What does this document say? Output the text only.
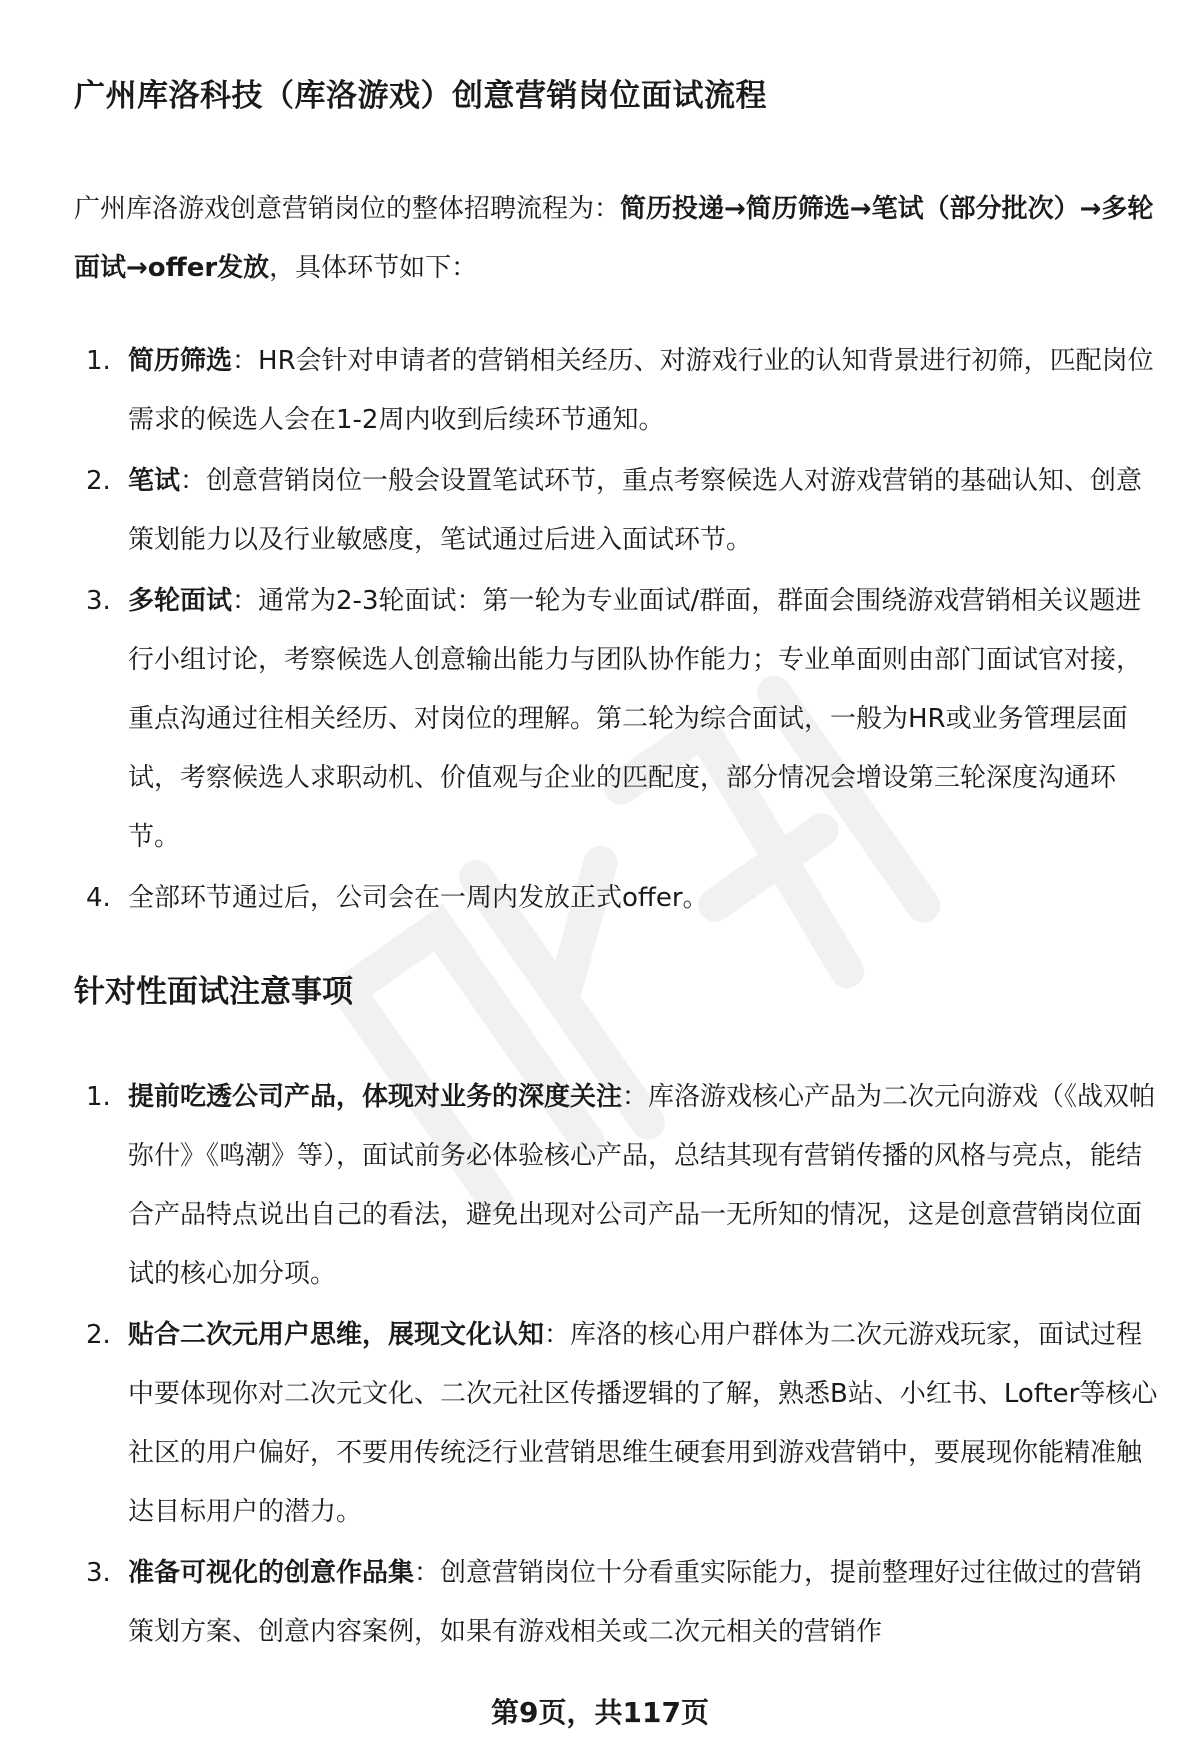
广州库洛科技（库洛游戏）创意营销岗位面试流程

广州库洛游戏创意营销岗位的整体招聘流程为：简历投递→简历筛选→笔试（部分批次）→多轮面试→offer发放，具体环节如下：

1. 简历筛选：HR会针对申请者的营销相关经历、对游戏行业的认知背景进行初筛，匹配岗位需求的候选人会在1-2周内收到后续环节通知。
2. 笔试：创意营销岗位一般会设置笔试环节，重点考察候选人对游戏营销的基础认知、创意策划能力以及行业敏感度，笔试通过后进入面试环节。
3. 多轮面试：通常为2-3轮面试：第一轮为专业面试/群面，群面会围绕游戏营销相关议题进行小组讨论，考察候选人创意输出能力与团队协作能力；专业单面则由部门面试官对接，重点沟通过往相关经历、对岗位的理解。第二轮为综合面试，一般为HR或业务管理层面试，考察候选人求职动机、价值观与企业的匹配度，部分情况会增设第三轮深度沟通环节。
4. 全部环节通过后，公司会在一周内发放正式offer。
针对性面试注意事项
1. 提前吃透公司产品，体现对业务的深度关注：库洛游戏核心产品为二次元向游戏（《战双帕弥什》《鸣潮》等），面试前务必体验核心产品，总结其现有营销传播的风格与亮点，能结合产品特点说出自己的看法，避免出现对公司产品一无所知的情况，这是创意营销岗位面试的核心加分项。
2. 贴合二次元用户思维，展现文化认知：库洛的核心用户群体为二次元游戏玩家，面试过程中要体现你对二次元文化、二次元社区传播逻辑的了解，熟悉B站、小红书、Lofter等核心社区的用户偏好，不要用传统泛行业营销思维生硬套用到游戏营销中，要展现你能精准触达目标用户的潜力。
3. 准备可视化的创意作品集：创意营销岗位十分看重实际能力，提前整理好过往做过的营销策划方案、创意内容案例，如果有游戏相关或二次元相关的营销作
第9页，共117页
